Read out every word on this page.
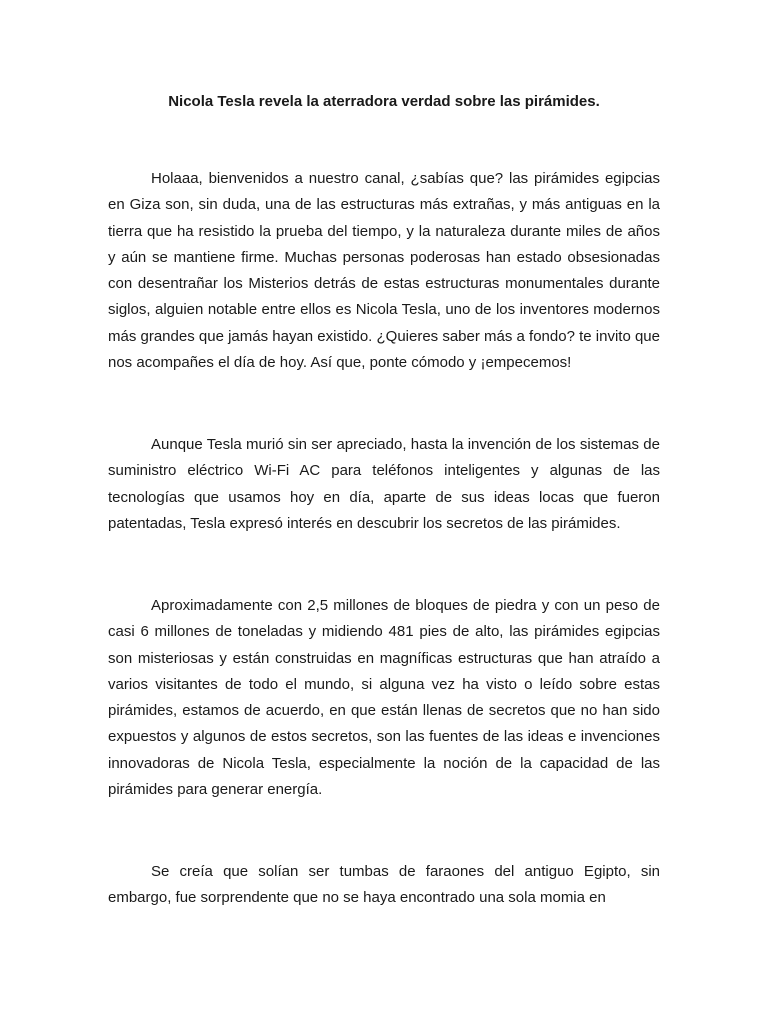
Nicola Tesla revela la aterradora verdad sobre las pirámides.

Holaaa, bienvenidos a nuestro canal, ¿sabías que? las pirámides egipcias en Giza son, sin duda, una de las estructuras más extrañas, y más antiguas en la tierra que ha resistido la prueba del tiempo, y la naturaleza durante miles de años y aún se mantiene firme. Muchas personas poderosas han estado obsesionadas con desentrañar los Misterios detrás de estas estructuras monumentales durante siglos, alguien notable entre ellos es Nicola Tesla, uno de los inventores modernos más grandes que jamás hayan existido. ¿Quieres saber más a fondo? te invito que nos acompañes el día de hoy. Así que, ponte cómodo y ¡empecemos!

Aunque Tesla murió sin ser apreciado, hasta la invención de los sistemas de suministro eléctrico Wi-Fi AC para teléfonos inteligentes y algunas de las tecnologías que usamos hoy en día, aparte de sus ideas locas que fueron patentadas, Tesla expresó interés en descubrir los secretos de las pirámides.

Aproximadamente con 2,5 millones de bloques de piedra y con un peso de casi 6 millones de toneladas y midiendo 481 pies de alto, las pirámides egipcias son misteriosas y están construidas en magníficas estructuras que han atraído a varios visitantes de todo el mundo, si alguna vez ha visto o leído sobre estas pirámides, estamos de acuerdo, en que están llenas de secretos que no han sido expuestos y algunos de estos secretos, son las fuentes de las ideas e invenciones innovadoras de Nicola Tesla, especialmente la noción de la capacidad de las pirámides para generar energía.

Se creía que solían ser tumbas de faraones del antiguo Egipto, sin embargo, fue sorprendente que no se haya encontrado una sola momia en
